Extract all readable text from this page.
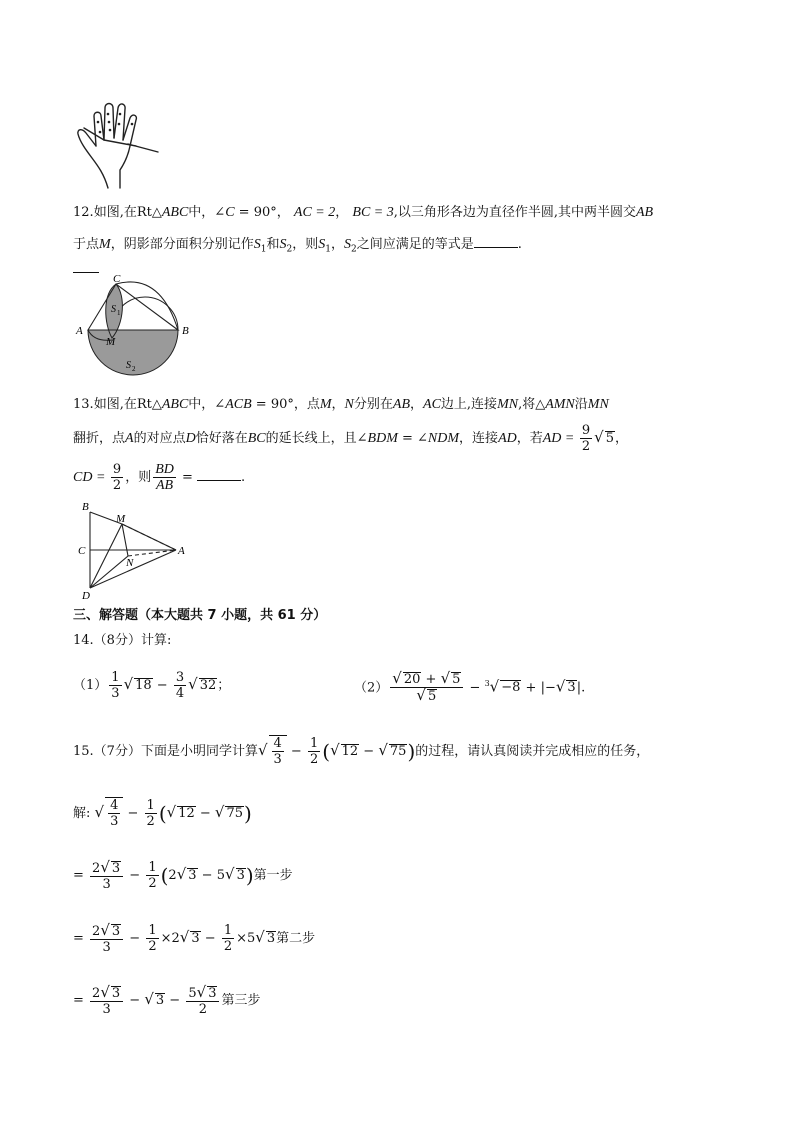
12.如图,在Rt△ABC中，∠C = 90°， AC = 2， BC = 3,以三角形各边为直径作半圆,其中两半圆交AB
于点M，阴影部分面积分别记作$S_1$和$S_2$，则$S_1$，$S_2$之间应满足的等式是	.
C
A	B
M
S 1
S 2
13.如图,在Rt△ABC中，∠ACB = 90°，点M，N分别在AB，AC边上,连接MN,将△AMN沿MN
翻折，点A的对应点D恰好落在BC的延长线上，且∠BDM = ∠NDM，连接AD，若AD = $\frac{9}{2}$ √ 5，
CD = $\frac{9}{2}$ ，则 $\frac{BD}{AB}$ =	.
B
M
C	A
N
D
三、解答题（本大题共 7 小题，共 61 分）
14.（8分）计算:
$(1) \frac{1}{3}$ √ $18 - \frac{3}{4}$ √ 32；	$(2) \frac{√ 20 + √ 5}{√ 5} - ^3√ -8$ + |−√ 3|.
15.（7分）下面是小明同学计算√ $\frac{4}{3} - \frac{1}{2}$ (√ 12 − √ 75)的过程，请认真阅读并完成相应的任务，
解: √ $\frac{4}{3} - \frac{1}{2}$ (√ 12 − √ 75)
= $\frac{2√ 3}{3} - \frac{1}{2} (2√$ 3 − 5√ 3)第一步
= $\frac{2√ 3}{3} - \frac{1}{2} \times 2√$ $3 - \frac{1}{2} \times 5√$ 3第二步
= $\frac{2√ 3}{3}$ − √ $3 - \frac{5√ 3}{2}$ 第三步
